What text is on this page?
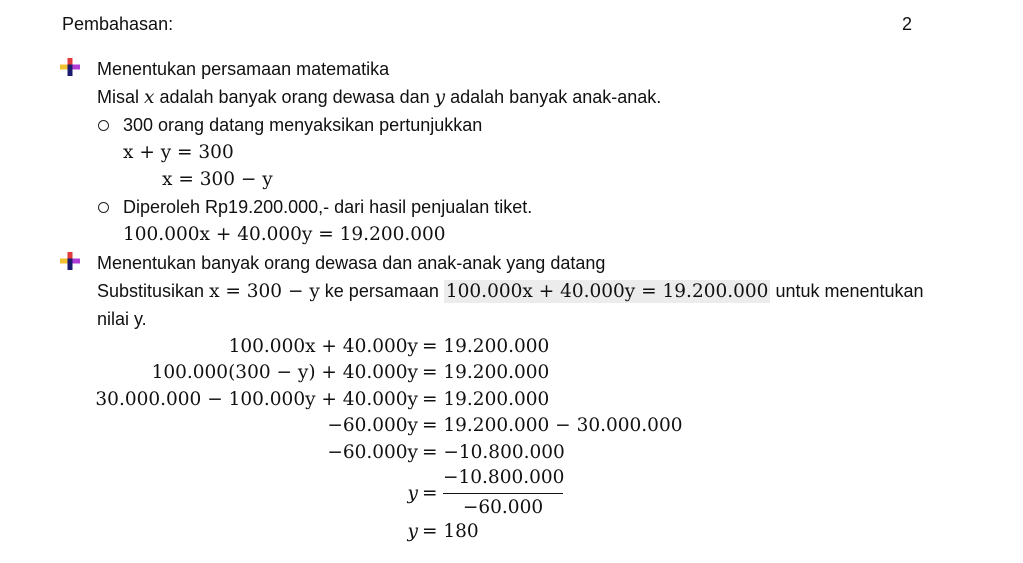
Pembahasan:	2
Menentukan persamaan matematika
Misal x adalah banyak orang dewasa dan y adalah banyak anak-anak.
300 orang datang menyaksikan pertunjukkan
x + y = 300
x = 300 − y
Diperoleh Rp19.200.000,- dari hasil penjualan tiket.
100.000x + 40.000y = 19.200.000
Menentukan banyak orang dewasa dan anak-anak yang datang
Substitusikan x = 300 − y ke persamaan 100.000x + 40.000y = 19.200.000 untuk menentukan
nilai y.
100.000x + 40.000y = 19.200.000
100.000(300 − y) + 40.000y = 19.200.000
30.000.000 − 100.000y + 40.000y = 19.200.000
−60.000y = 19.200.000 − 30.000.000
−60.000y = −10.800.000
y =
−10.800.000
−60.000
y = 180
